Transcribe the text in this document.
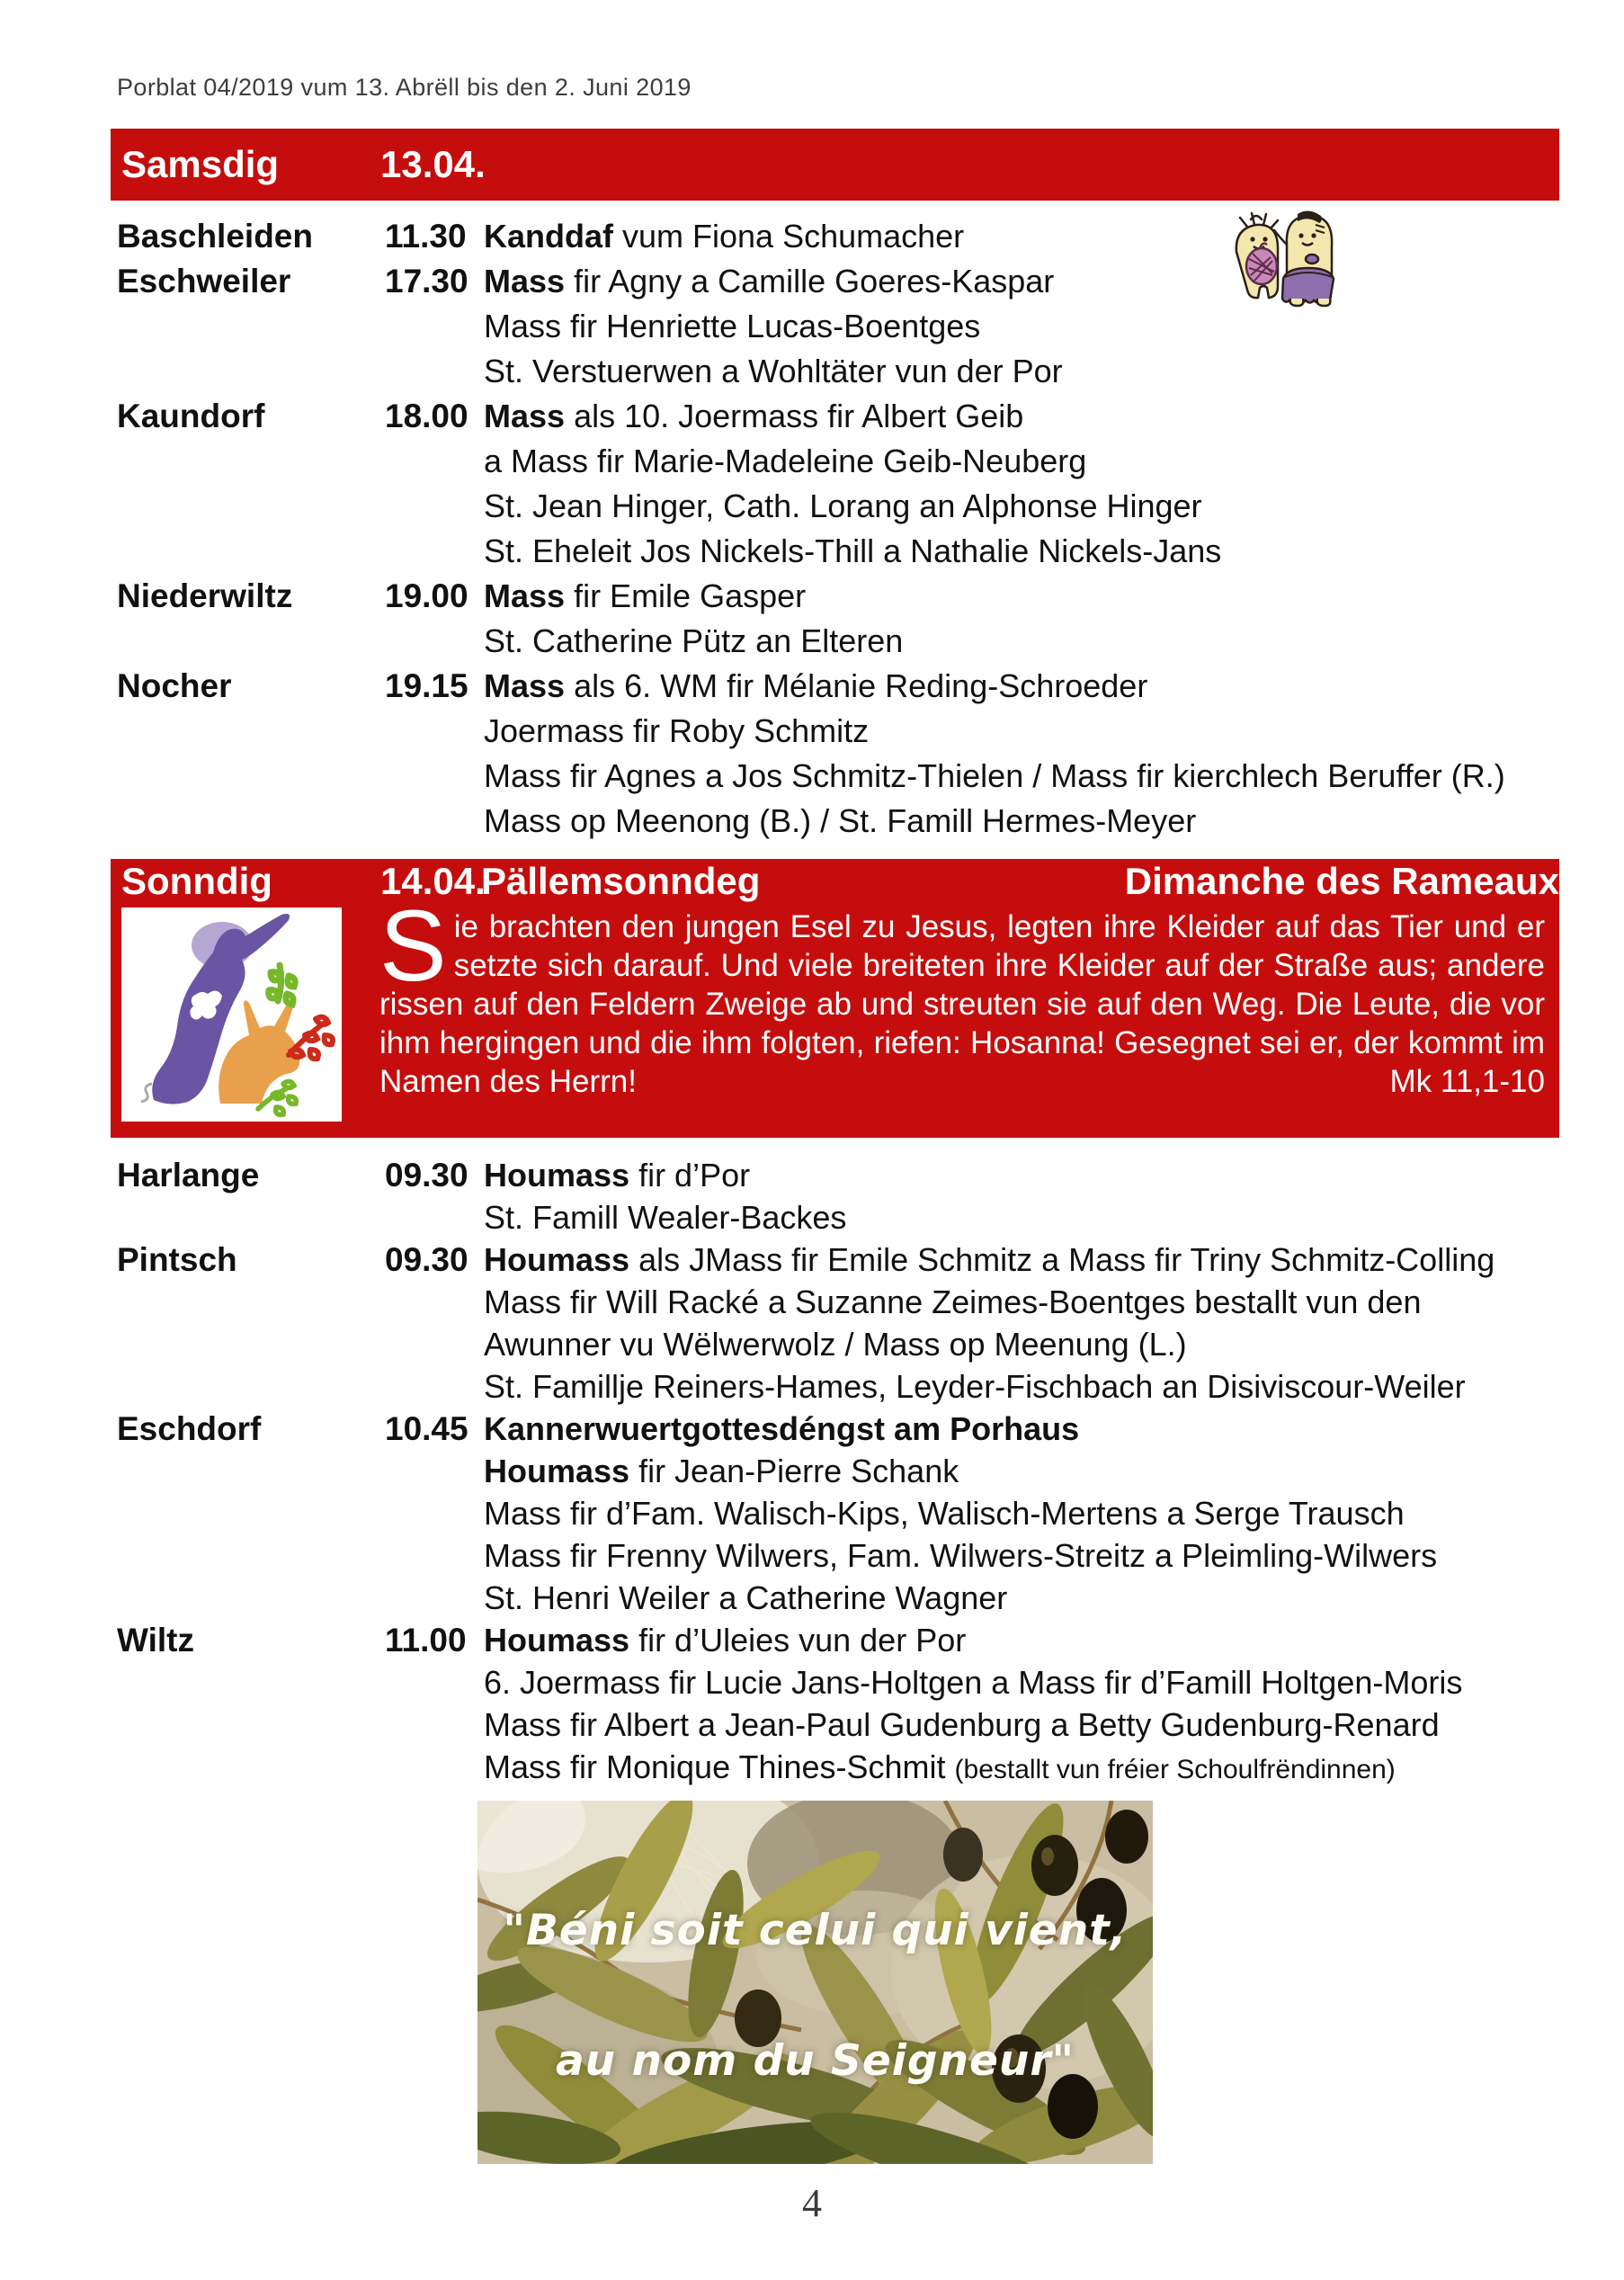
Porblat 04/2019 vum 13. Abrëll bis den 2. Juni 2019
Samsdig	13.04.
Baschleiden	11.30 Kanddaf vum Fiona Schumacher
Eschweiler	17.30 Mass fir Agny a Camille Goeres-Kaspar
Mass fir Henriette Lucas-Boentges
St. Verstuerwen a Wohltäter vun der Por
Kaundorf	18.00 Mass als 10. Joermass fir Albert Geib
a Mass fir Marie-Madeleine Geib-Neuberg
St. Jean Hinger, Cath. Lorang an Alphonse Hinger
St. Eheleit Jos Nickels-Thill a Nathalie Nickels-Jans
Niederwiltz	19.00 Mass fir Emile Gasper
St. Catherine Pütz an Elteren
Nocher	19.15 Mass als 6. WM fir Mélanie Reding-Schroeder
Joermass fir Roby Schmitz
Mass fir Agnes a Jos Schmitz-Thielen / Mass fir kierchlech Beruffer (R.)
Mass op Meenong (B.) / St. Famill Hermes-Meyer
Sonndig	14.04.
Pällemsonndeg	Dimanche des Rameaux
Sie brachten den jungen Esel zu Jesus, legten ihre Kleider auf das Tier und er setzte sich darauf. Und viele breiteten ihre Kleider auf der Straße aus; andere rissen auf den Feldern Zweige ab und streuten sie auf den Weg. Die Leute, die vor ihm hergingen und die ihm folgten, riefen: Hosanna! Gesegnet sei er, der kommt im Namen des Herrn!	Mk 11,1-10
Harlange	09.30 Houmass fir d’Por
St. Famill Wealer-Backes
Pintsch	09.30 Houmass als JMass fir Emile Schmitz a Mass fir Triny Schmitz-Colling
Mass fir Will Racké a Suzanne Zeimes-Boentges bestallt vun den
Awunner vu Wëlwerwolz / Mass op Meenung (L.)
St. Famillje Reiners-Hames, Leyder-Fischbach an Disiviscour-Weiler
Eschdorf	10.45 Kannerwuertgottesdéngst am Porhaus
Houmass fir Jean-Pierre Schank
Mass fir d’Fam. Walisch-Kips, Walisch-Mertens a Serge Trausch
Mass fir Frenny Wilwers, Fam. Wilwers-Streitz a Pleimling-Wilwers
St. Henri Weiler a Catherine Wagner
Wiltz	11.00 Houmass fir d’Uleies vun der Por
6. Joermass fir Lucie Jans-Holtgen a Mass fir d’Famill Holtgen-Moris
Mass fir Albert a Jean-Paul Gudenburg a Betty Gudenburg-Renard
Mass fir Monique Thines-Schmit (bestallt vun fréier Schoulfrëndinnen)
"Béni soit celui qui vient,
au nom du Seigneur"
4
